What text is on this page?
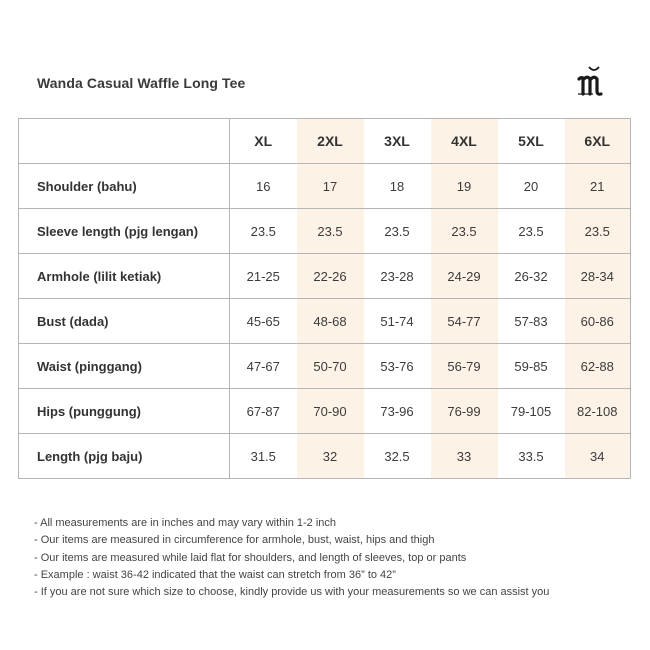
Wanda Casual Waffle Long Tee
	XL	2XL	3XL	4XL	5XL	6XL
Shoulder (bahu)	16	17	18	19	20	21
Sleeve length (pjg lengan)	23.5	23.5	23.5	23.5	23.5	23.5
Armhole (lilit ketiak)	21-25	22-26	23-28	24-29	26-32	28-34
Bust (dada)	45-65	48-68	51-74	54-77	57-83	60-86
Waist (pinggang)	47-67	50-70	53-76	56-79	59-85	62-88
Hips (punggung)	67-87	70-90	73-96	76-99	79-105	82-108
Length (pjg baju)	31.5	32	32.5	33	33.5	34
- All measurements are in inches and may vary within 1-2 inch
- Our items are measured in circumference for armhole, bust, waist, hips and thigh
- Our items are measured while laid flat for shoulders, and length of sleeves, top or pants
- Example : waist 36-42 indicated that the waist can stretch from 36” to 42”
- If you are not sure which size to choose, kindly provide us with your measurements so we can assist you
